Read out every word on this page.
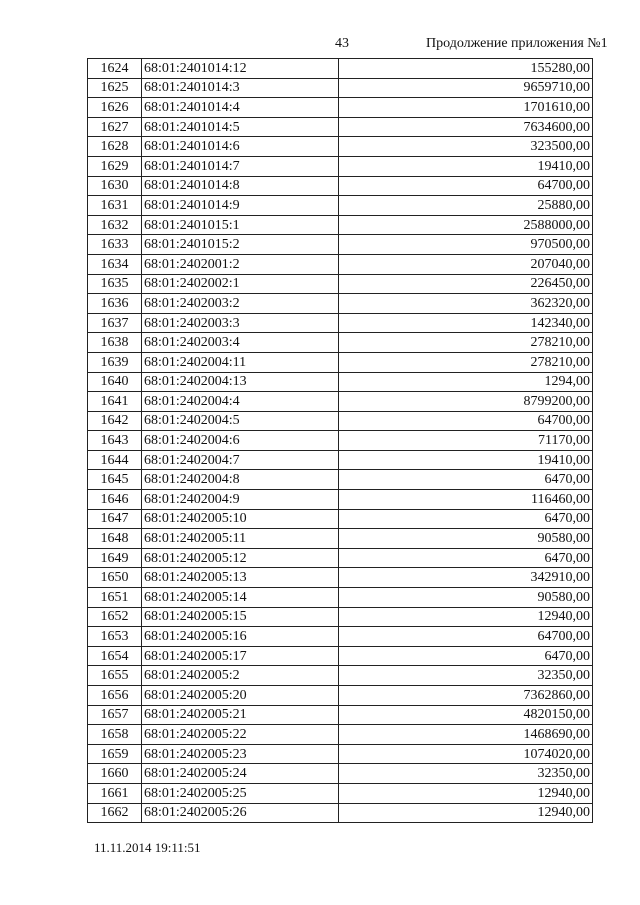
43	Продолжение приложения №1
1624	68:01:2401014:12	155280,00
1625	68:01:2401014:3	9659710,00
1626	68:01:2401014:4	1701610,00
1627	68:01:2401014:5	7634600,00
1628	68:01:2401014:6	323500,00
1629	68:01:2401014:7	19410,00
1630	68:01:2401014:8	64700,00
1631	68:01:2401014:9	25880,00
1632	68:01:2401015:1	2588000,00
1633	68:01:2401015:2	970500,00
1634	68:01:2402001:2	207040,00
1635	68:01:2402002:1	226450,00
1636	68:01:2402003:2	362320,00
1637	68:01:2402003:3	142340,00
1638	68:01:2402003:4	278210,00
1639	68:01:2402004:11	278210,00
1640	68:01:2402004:13	1294,00
1641	68:01:2402004:4	8799200,00
1642	68:01:2402004:5	64700,00
1643	68:01:2402004:6	71170,00
1644	68:01:2402004:7	19410,00
1645	68:01:2402004:8	6470,00
1646	68:01:2402004:9	116460,00
1647	68:01:2402005:10	6470,00
1648	68:01:2402005:11	90580,00
1649	68:01:2402005:12	6470,00
1650	68:01:2402005:13	342910,00
1651	68:01:2402005:14	90580,00
1652	68:01:2402005:15	12940,00
1653	68:01:2402005:16	64700,00
1654	68:01:2402005:17	6470,00
1655	68:01:2402005:2	32350,00
1656	68:01:2402005:20	7362860,00
1657	68:01:2402005:21	4820150,00
1658	68:01:2402005:22	1468690,00
1659	68:01:2402005:23	1074020,00
1660	68:01:2402005:24	32350,00
1661	68:01:2402005:25	12940,00
1662	68:01:2402005:26	12940,00
11.11.2014 19:11:51
